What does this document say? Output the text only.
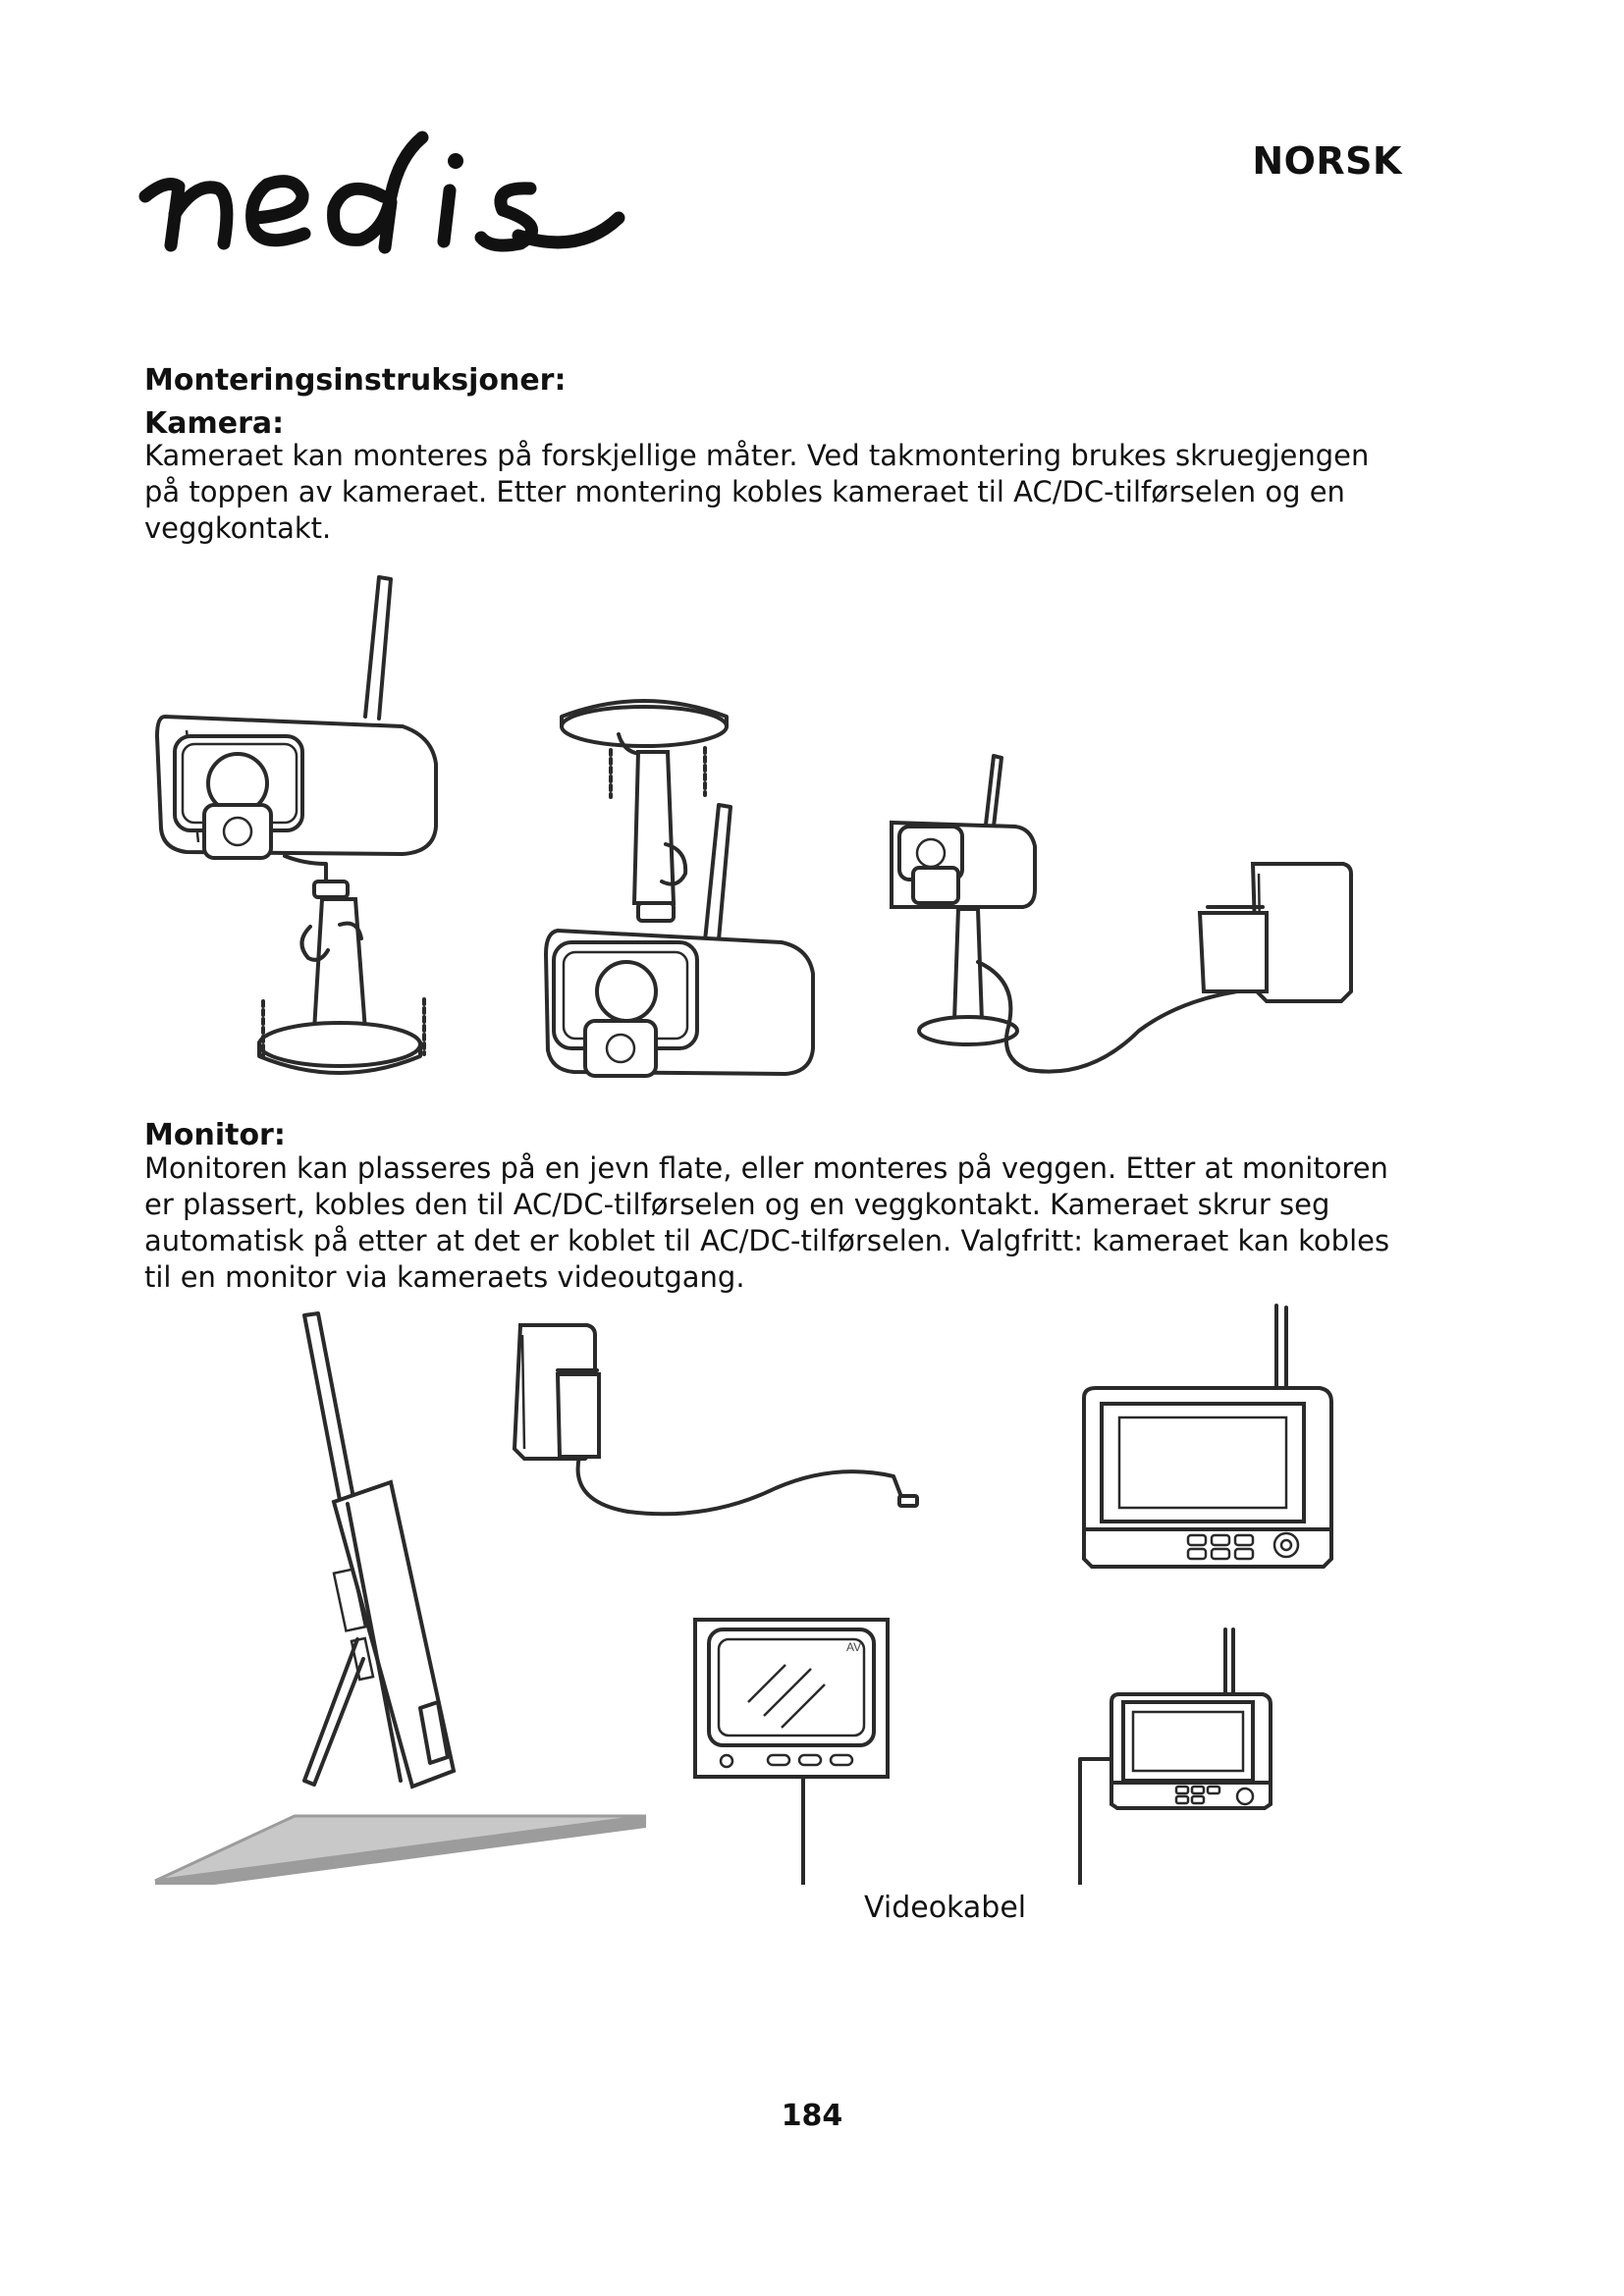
NORSK
Monteringsinstruksjoner:
Kamera:
Kameraet kan monteres på forskjellige måter. Ved takmontering brukes skruegjengen på toppen av kameraet. Etter montering kobles kameraet til AC/DC-tilførselen og en veggkontakt.
Monitor:
Monitoren kan plasseres på en jevn flate, eller monteres på veggen. Etter at monitoren er plassert, kobles den til AC/DC-tilførselen og en veggkontakt. Kameraet skrur seg automatisk på etter at det er koblet til AC/DC-tilførselen. Valgfritt: kameraet kan kobles til en monitor via kameraets videoutgang.
AV
Videokabel
184
